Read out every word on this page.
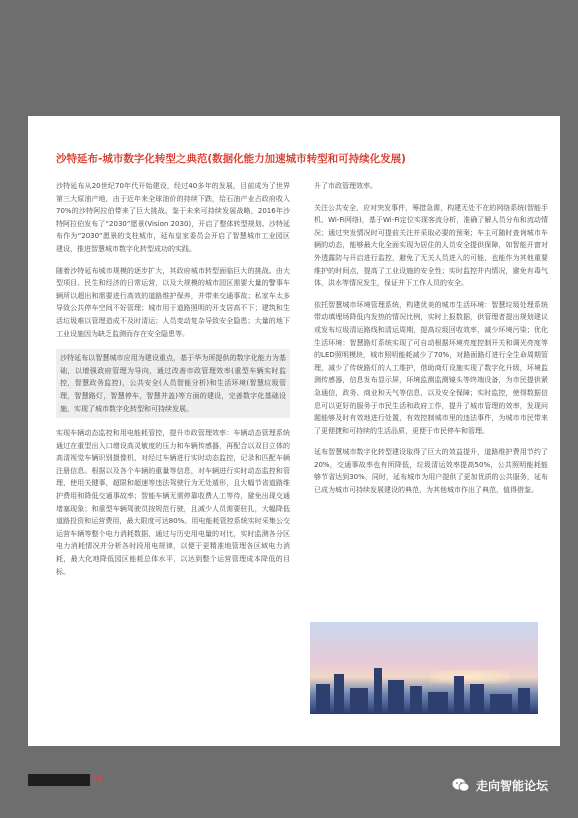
沙特延布-城市数字化转型之典范(数据化能力加速城市转型和可持续化发展)

沙特延布从20世纪70年代开始建设，经过40多年的发展，目前成为了世界第三大原油产地，由于近年来全球油价的持续下跌，给石油产业占政府收入70%的沙特阿拉伯带来了巨大挑战。鉴于未来可持续发展战略，2016年沙特阿拉伯发布了“2030”愿景(Vision 2030)，开启了整体转型规划。沙特延布作为“2030”愿景的支柱城市，延布皇家委员会开启了智慧城市工业园区建设，推进智慧城市数字化转型成功的实践。

随着沙特延布城市规模的逐步扩大，其政府城市转型面临巨大的挑战。由大型项目、民生和经济的日常运营，以及大规模的城市园区需要大量的警事车辆所以超出和需要进行高效的道路维护保养，并带来交通事故；私家车太多导致公共停车空间不好管理；城市用于道路照明的开支居高不下；建筑和生活垃圾难以管理造成不及时清运；人员变动复杂导致安全隐患；大量的地下工业设施因为缺乏监测而存在安全隐患等。

沙特延布以智慧城市应用为建设重点，基于华为所提供的数字化能力为基础，以增强政府管理为导向，通过改善市政管理效率(重型车辆实时监控，智慧政务监控)，公共安全(人员智能分析)和生活环境(智慧垃圾管理，智慧路灯，智慧停车，智慧井盖)等方面的建设，完善数字化基础设施，实现了城市数字化转型和可持续发展。

实现车辆动态监控和用电能耗管控，提升市政管理效率：车辆动态管理系统通过在重型出入口增设高灵敏度的压力和车辆传感器，再配合以双目立体的高清视觉车辆识别摄像机，对经过车辆进行实时动态监控，记录和匹配车辆注册信息。根据以及各个车辆的重量等信息，对车辆进行实时动态监控和管理，使用关键事，超限和超速等违法驾驶行为无处遁形，且大幅节省道路维护费用和降低交通事故率；智能车辆无需停靠收费人工等待，避免出现交通堵塞现象；和重型车辆驾驶员按规范行驶，且减少人员需要驻扎，大幅降低道路投资和运营费用，最大限度可达80%。用电能耗管控系统实时采集公交运营车辆等整个电力消耗数据，通过与历史用电量的对比，实时监测各分区电力消耗情况并分析各时段用电规律，以便于更精准地管理各区域电力消耗，最大化地降低园区能耗总体水平，以达到整个运营管理成本降低的目标。

升了市政管理效率。

关注公共安全，应对突发事件，筹措急需，构建无处不在的网络系统(智能手机、Wi-Fi网络)，基于Wi-Fi定位实现客流分析，准确了解人员分布和流动情况；通过突发情况时可提前关注并采取必要的预案；车主可随时查询城市车辆的动态，能够最大化全面实现为居住的人员安全提供保障，如智能开窗对外透露防与开启进行监控，避免了无关人员进入的可能，也能作为其他重要维护的时间点，提高了工业设施的安全性；实时监控井内情况，避免有毒气体，洪水等情况发生，保证井下工作人员的安全。

依托智慧城市环境管理系统，构建优美的城市生活环境：智慧垃圾处理系统带动填埋场降低内发热的情况比例，实时上报数据，供管理者提出规划建议或发布垃圾清运路线和清运周期，提高垃圾回收效率，减少环境污染；优化生活环境：智慧路灯系统实现了可自动根据环境亮度控制开关和调光亮度等的LED照明模块，城市照明能耗减少了70%，对路面路灯进行全生命周期管理，减少了传统路灯的人工维护，借助商灯设施实现了数字化升级，环境监测传感器，信息发布显示屏，环境监测监测镜头等终端设备，为市民提供紧急通信，政务、商业和天气等信息，以及安全保障；实时监控，使得数据信息可以更好的服务于市民生活和政府工作，提升了城市管理的效率，发现问题能够及时有效地进行处置，有效控制城市里的违法事件，为城市市民带来了更便捷和可持续的生活品质，更便于市民停车和管理。

延布智慧城市数字化转型建设取得了巨大的效益提升，道路维护费用节约了20%，交通事故率也有所降低，垃圾清运效率提高50%，公共照明能耗能够节省达到30%，同时，延布城市为用户提供了更加优质的公共服务，延布已成为城市可持续发展建设的典范，为其他城市作出了典范，值得借鉴。

26	走向智能论坛
